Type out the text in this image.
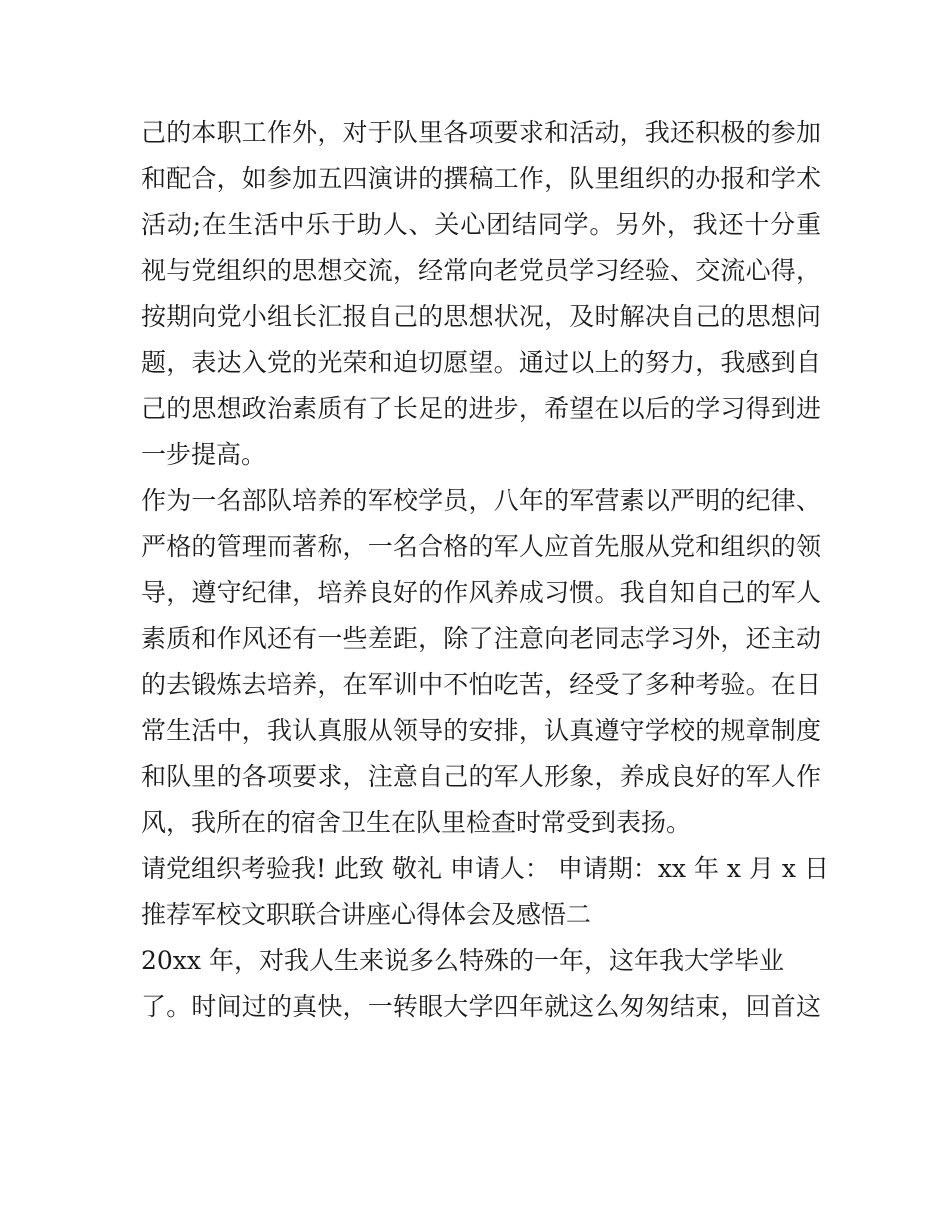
己的本职工作外，对于队里各项要求和活动，我还积极的参加
和配合，如参加五四演讲的撰稿工作，队里组织的办报和学术
活动;在生活中乐于助人、关心团结同学。另外，我还十分重
视与党组织的思想交流，经常向老党员学习经验、交流心得，
按期向党小组长汇报自己的思想状况，及时解决自己的思想问
题，表达入党的光荣和迫切愿望。通过以上的努力，我感到自
己的思想政治素质有了长足的进步，希望在以后的学习得到进
一步提高。
作为一名部队培养的军校学员，八年的军营素以严明的纪律、
严格的管理而著称，一名合格的军人应首先服从党和组织的领
导，遵守纪律，培养良好的作风养成习惯。我自知自己的军人
素质和作风还有一些差距，除了注意向老同志学习外，还主动
的去锻炼去培养，在军训中不怕吃苦，经受了多种考验。在日
常生活中，我认真服从领导的安排，认真遵守学校的规章制度
和队里的各项要求，注意自己的军人形象，养成良好的军人作
风，我所在的宿舍卫生在队里检查时常受到表扬。
请党组织考验我! 此致 敬礼 申请人： 申请期：xx 年 x 月 x 日
推荐军校文职联合讲座心得体会及感悟二
20xx 年，对我人生来说多么特殊的一年，这年我大学毕业
了。时间过的真快，一转眼大学四年就这么匆匆结束，回首这
